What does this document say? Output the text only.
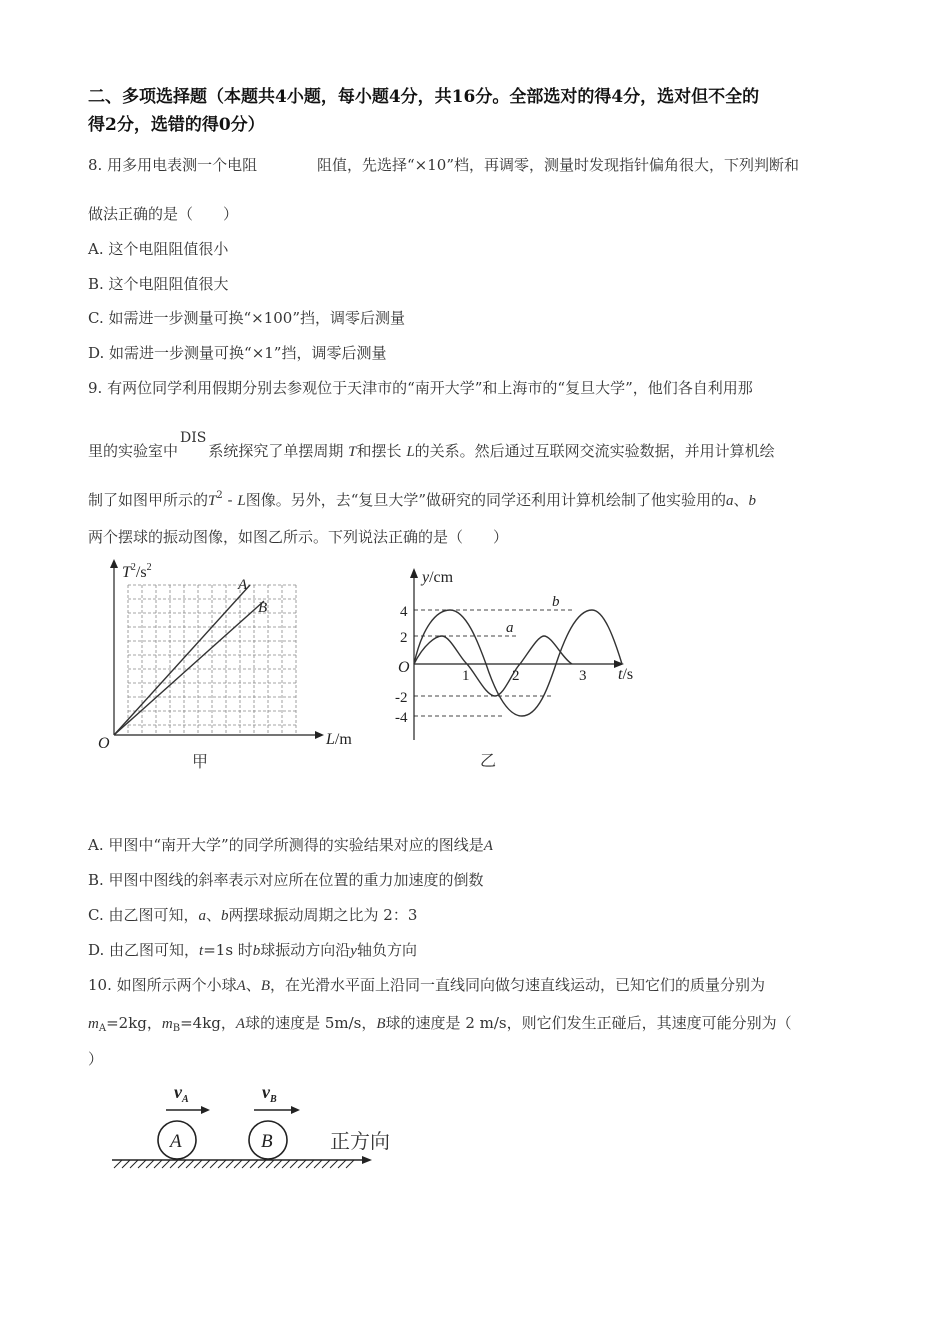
二、多项选择题（本题共4小题，每小题4分，共16分。全部选对的得4分，选对但不全的
得2分，选错的得0分）
8. 用多用电表测一个电阻	阻值，先选择“×10”档，再调零，测量时发现指针偏角很大，下列判断和
做法正确的是（　　）
A. 这个电阻阻值很小
B. 这个电阻阻值很大
C. 如需进一步测量可换“×100”挡，调零后测量
D. 如需进一步测量可换“×1”挡，调零后测量
9. 有两位同学利用假期分别去参观位于天津市的“南开大学”和上海市的“复旦大学”，他们各自利用那
里的实验室中DIS系统探究了单摆周期 T和摆长 L的关系。然后通过互联网交流实验数据，并用计算机绘
制了如图甲所示的$T^2$ - L图像。另外，去“复旦大学”做研究的同学还利用计算机绘制了他实验用的a、b
两个摆球的振动图像，如图乙所示。下列说法正确的是（　　）
A
B
$T^2/s^2$
L/m
O
甲
a
b
4
2
-2
-4
1	2	3
O
y/cm
t/s
乙
A. 甲图中“南开大学”的同学所测得的实验结果对应的图线是A
B. 甲图中图线的斜率表示对应所在位置的重力加速度的倒数
C. 由乙图可知，a、b两摆球振动周期之比为 2：3
D. 由乙图可知，t=1s 时b球振动方向沿y轴负方向
10. 如图所示两个小球A、B，在光滑水平面上沿同一直线同向做匀速直线运动，已知它们的质量分别为
$m_A=2kg$，$m_B=4kg$，A球的速度是 5m/s，B球的速度是 2 m/s，则它们发生正碰后，其速度可能分别为（
）
$v_A$	$v_B$
A	B	正方向
